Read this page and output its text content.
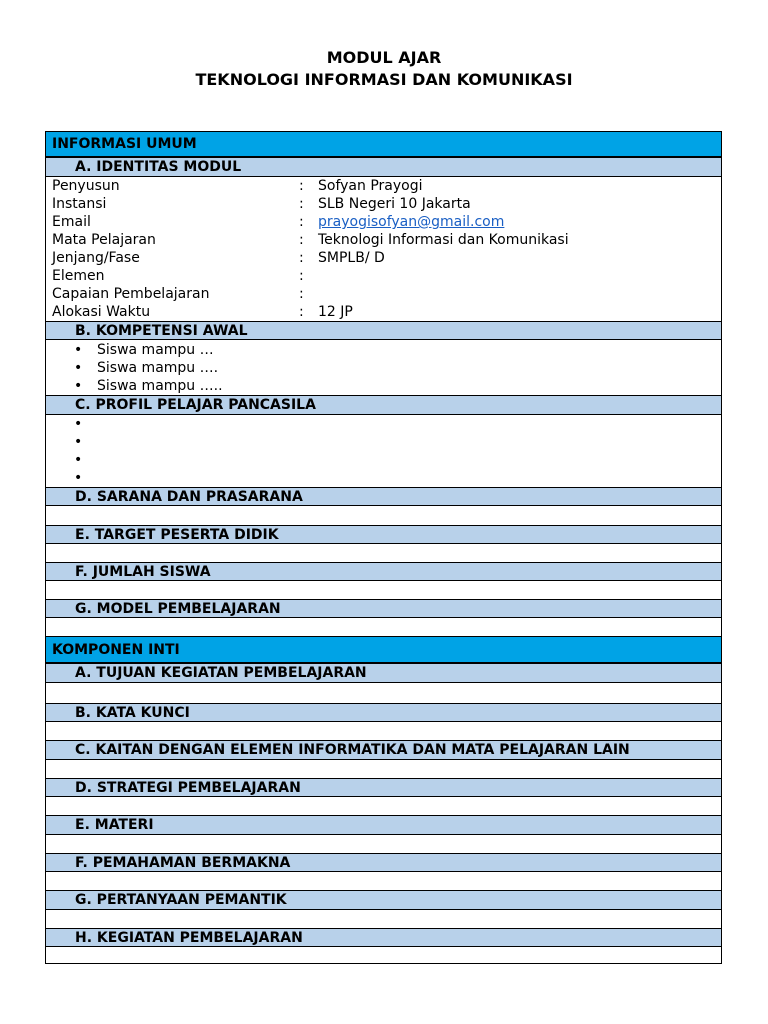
MODUL AJAR
TEKNOLOGI INFORMASI DAN KOMUNIKASI
INFORMASI UMUM
A. IDENTITAS MODUL
Penyusun	: Sofyan Prayogi
Instansi	: SLB Negeri 10 Jakarta
Email	: prayogisofyan@gmail.com
Mata Pelajaran	: Teknologi Informasi dan Komunikasi
Jenjang/Fase	: SMPLB/ D
Elemen	:
Capaian Pembelajaran	:
Alokasi Waktu	: 12 JP
B. KOMPETENSI AWAL
• Siswa mampu …
• Siswa mampu ….
• Siswa mampu …..
C. PROFIL PELAJAR PANCASILA
•
•
•
•
D. SARANA DAN PRASARANA
E. TARGET PESERTA DIDIK
F. JUMLAH SISWA
G. MODEL PEMBELAJARAN
KOMPONEN INTI
A. TUJUAN KEGIATAN PEMBELAJARAN
B. KATA KUNCI
C. KAITAN DENGAN ELEMEN INFORMATIKA DAN MATA PELAJARAN LAIN
D. STRATEGI PEMBELAJARAN
E. MATERI
F. PEMAHAMAN BERMAKNA
G. PERTANYAAN PEMANTIK
H. KEGIATAN PEMBELAJARAN
